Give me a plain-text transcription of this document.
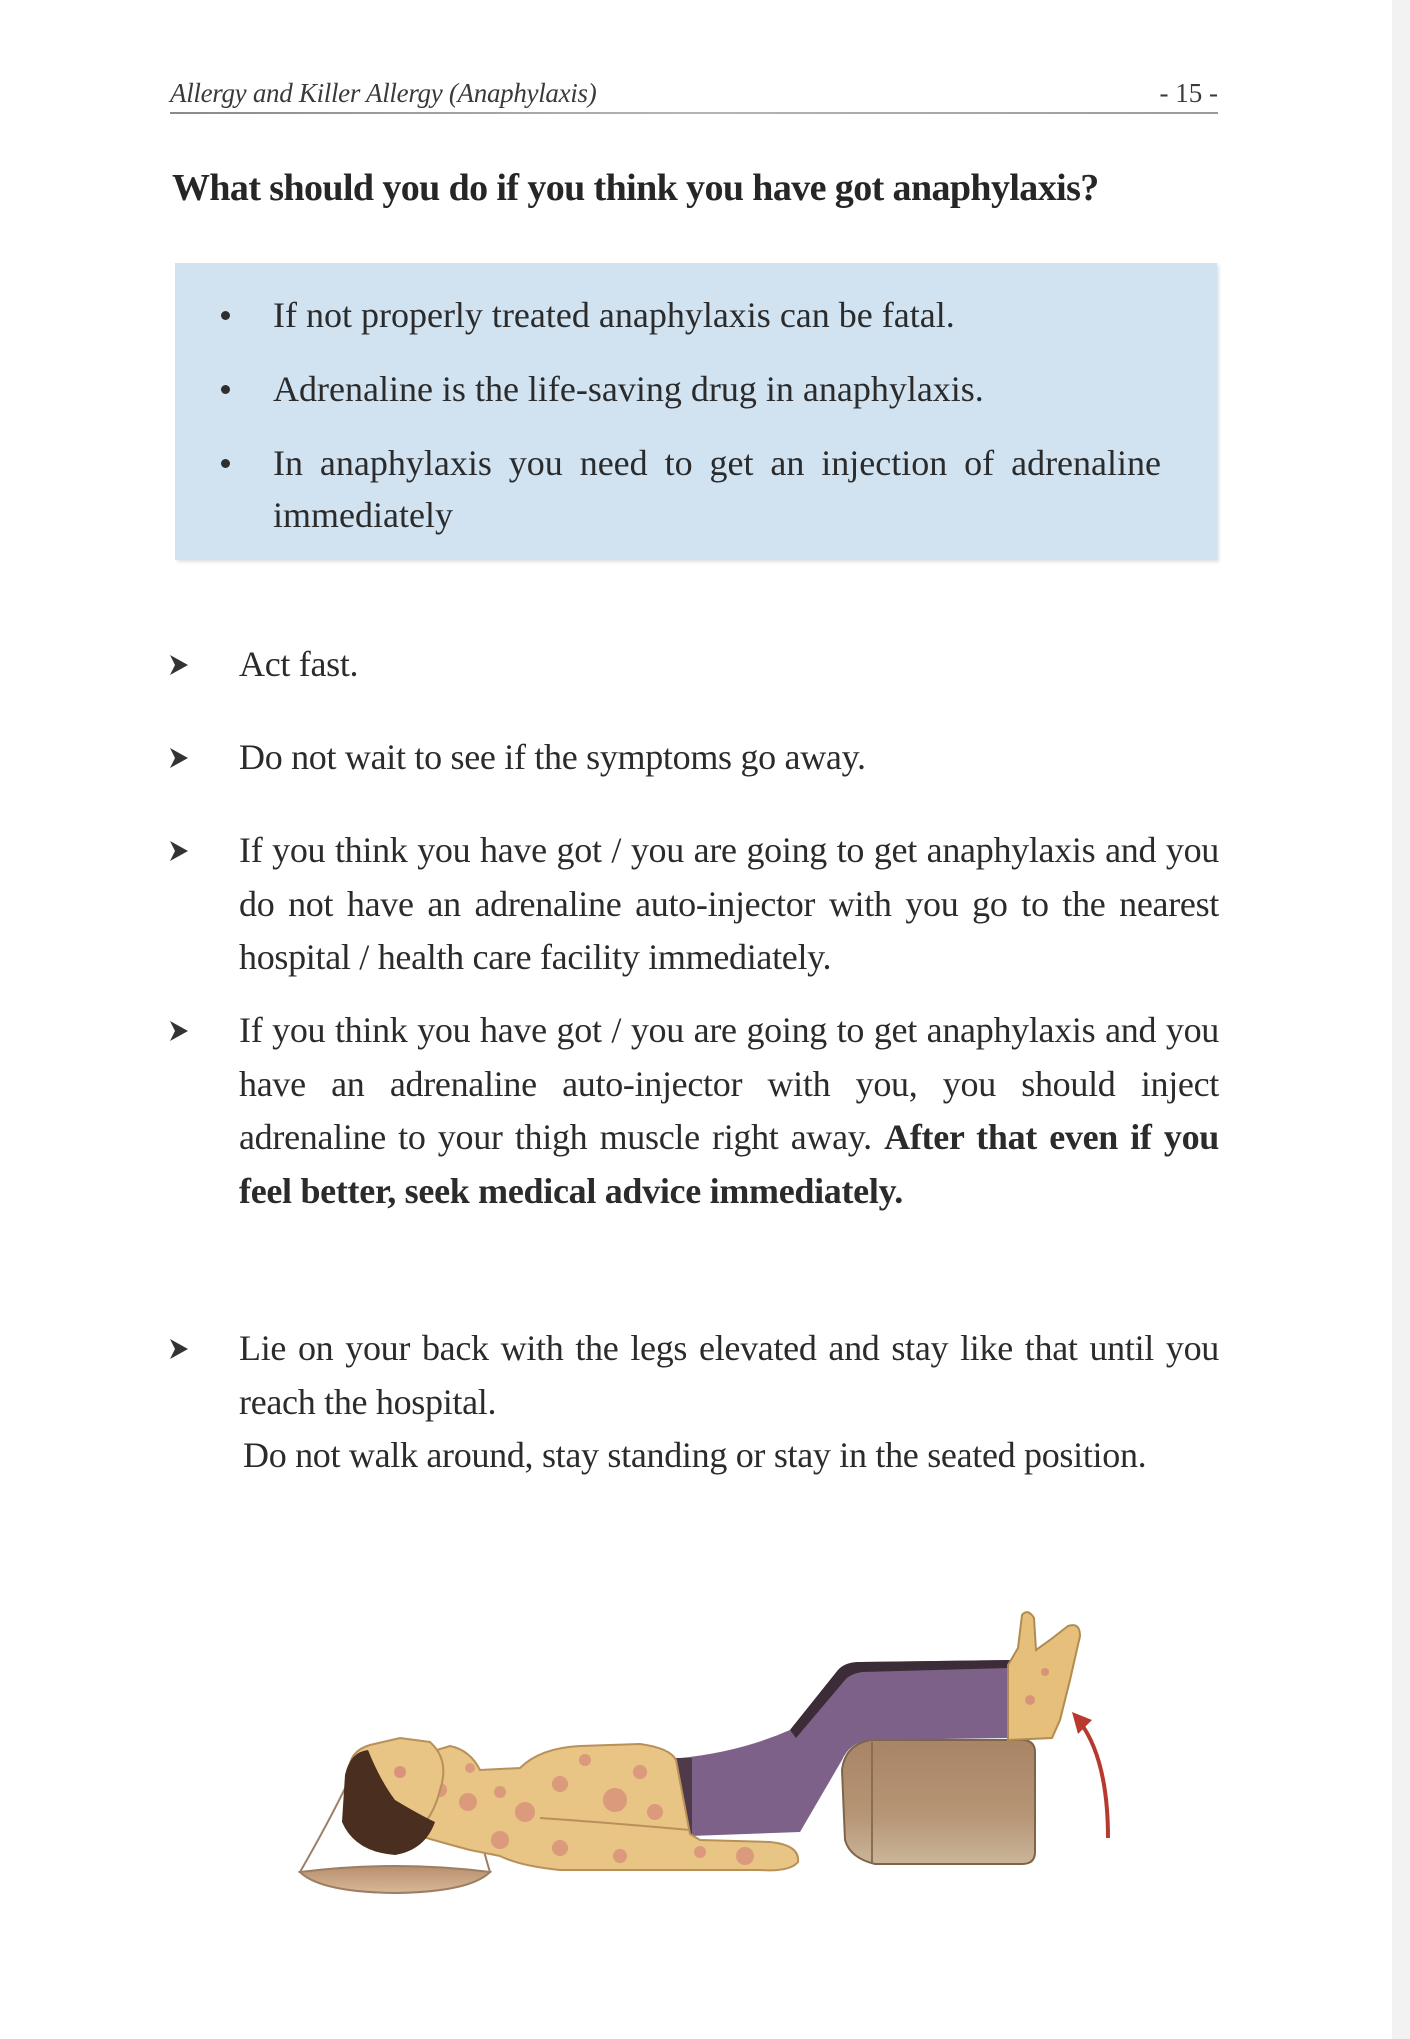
Allergy and Killer Allergy (Anaphylaxis)	- 15 -
What should you do if you think you have got anaphylaxis?
If not properly treated anaphylaxis can be fatal.
Adrenaline is the life-saving drug in anaphylaxis.
In anaphylaxis you need to get an injection of adrenaline immediately
Act fast.
Do not wait to see if the symptoms go away.
If you think you have got / you are going to get anaphylaxis and you do not have an adrenaline auto-injector with you go to the nearest hospital / health care facility immediately.
If you think you have got / you are going to get anaphylaxis and you have an adrenaline auto-injector with you, you should inject adrenaline to your thigh muscle right away. After that even if you feel better, seek medical advice immediately.
Lie on your back with the legs elevated and stay like that until you reach the hospital.
Do not walk around, stay standing or stay in the seated position.
